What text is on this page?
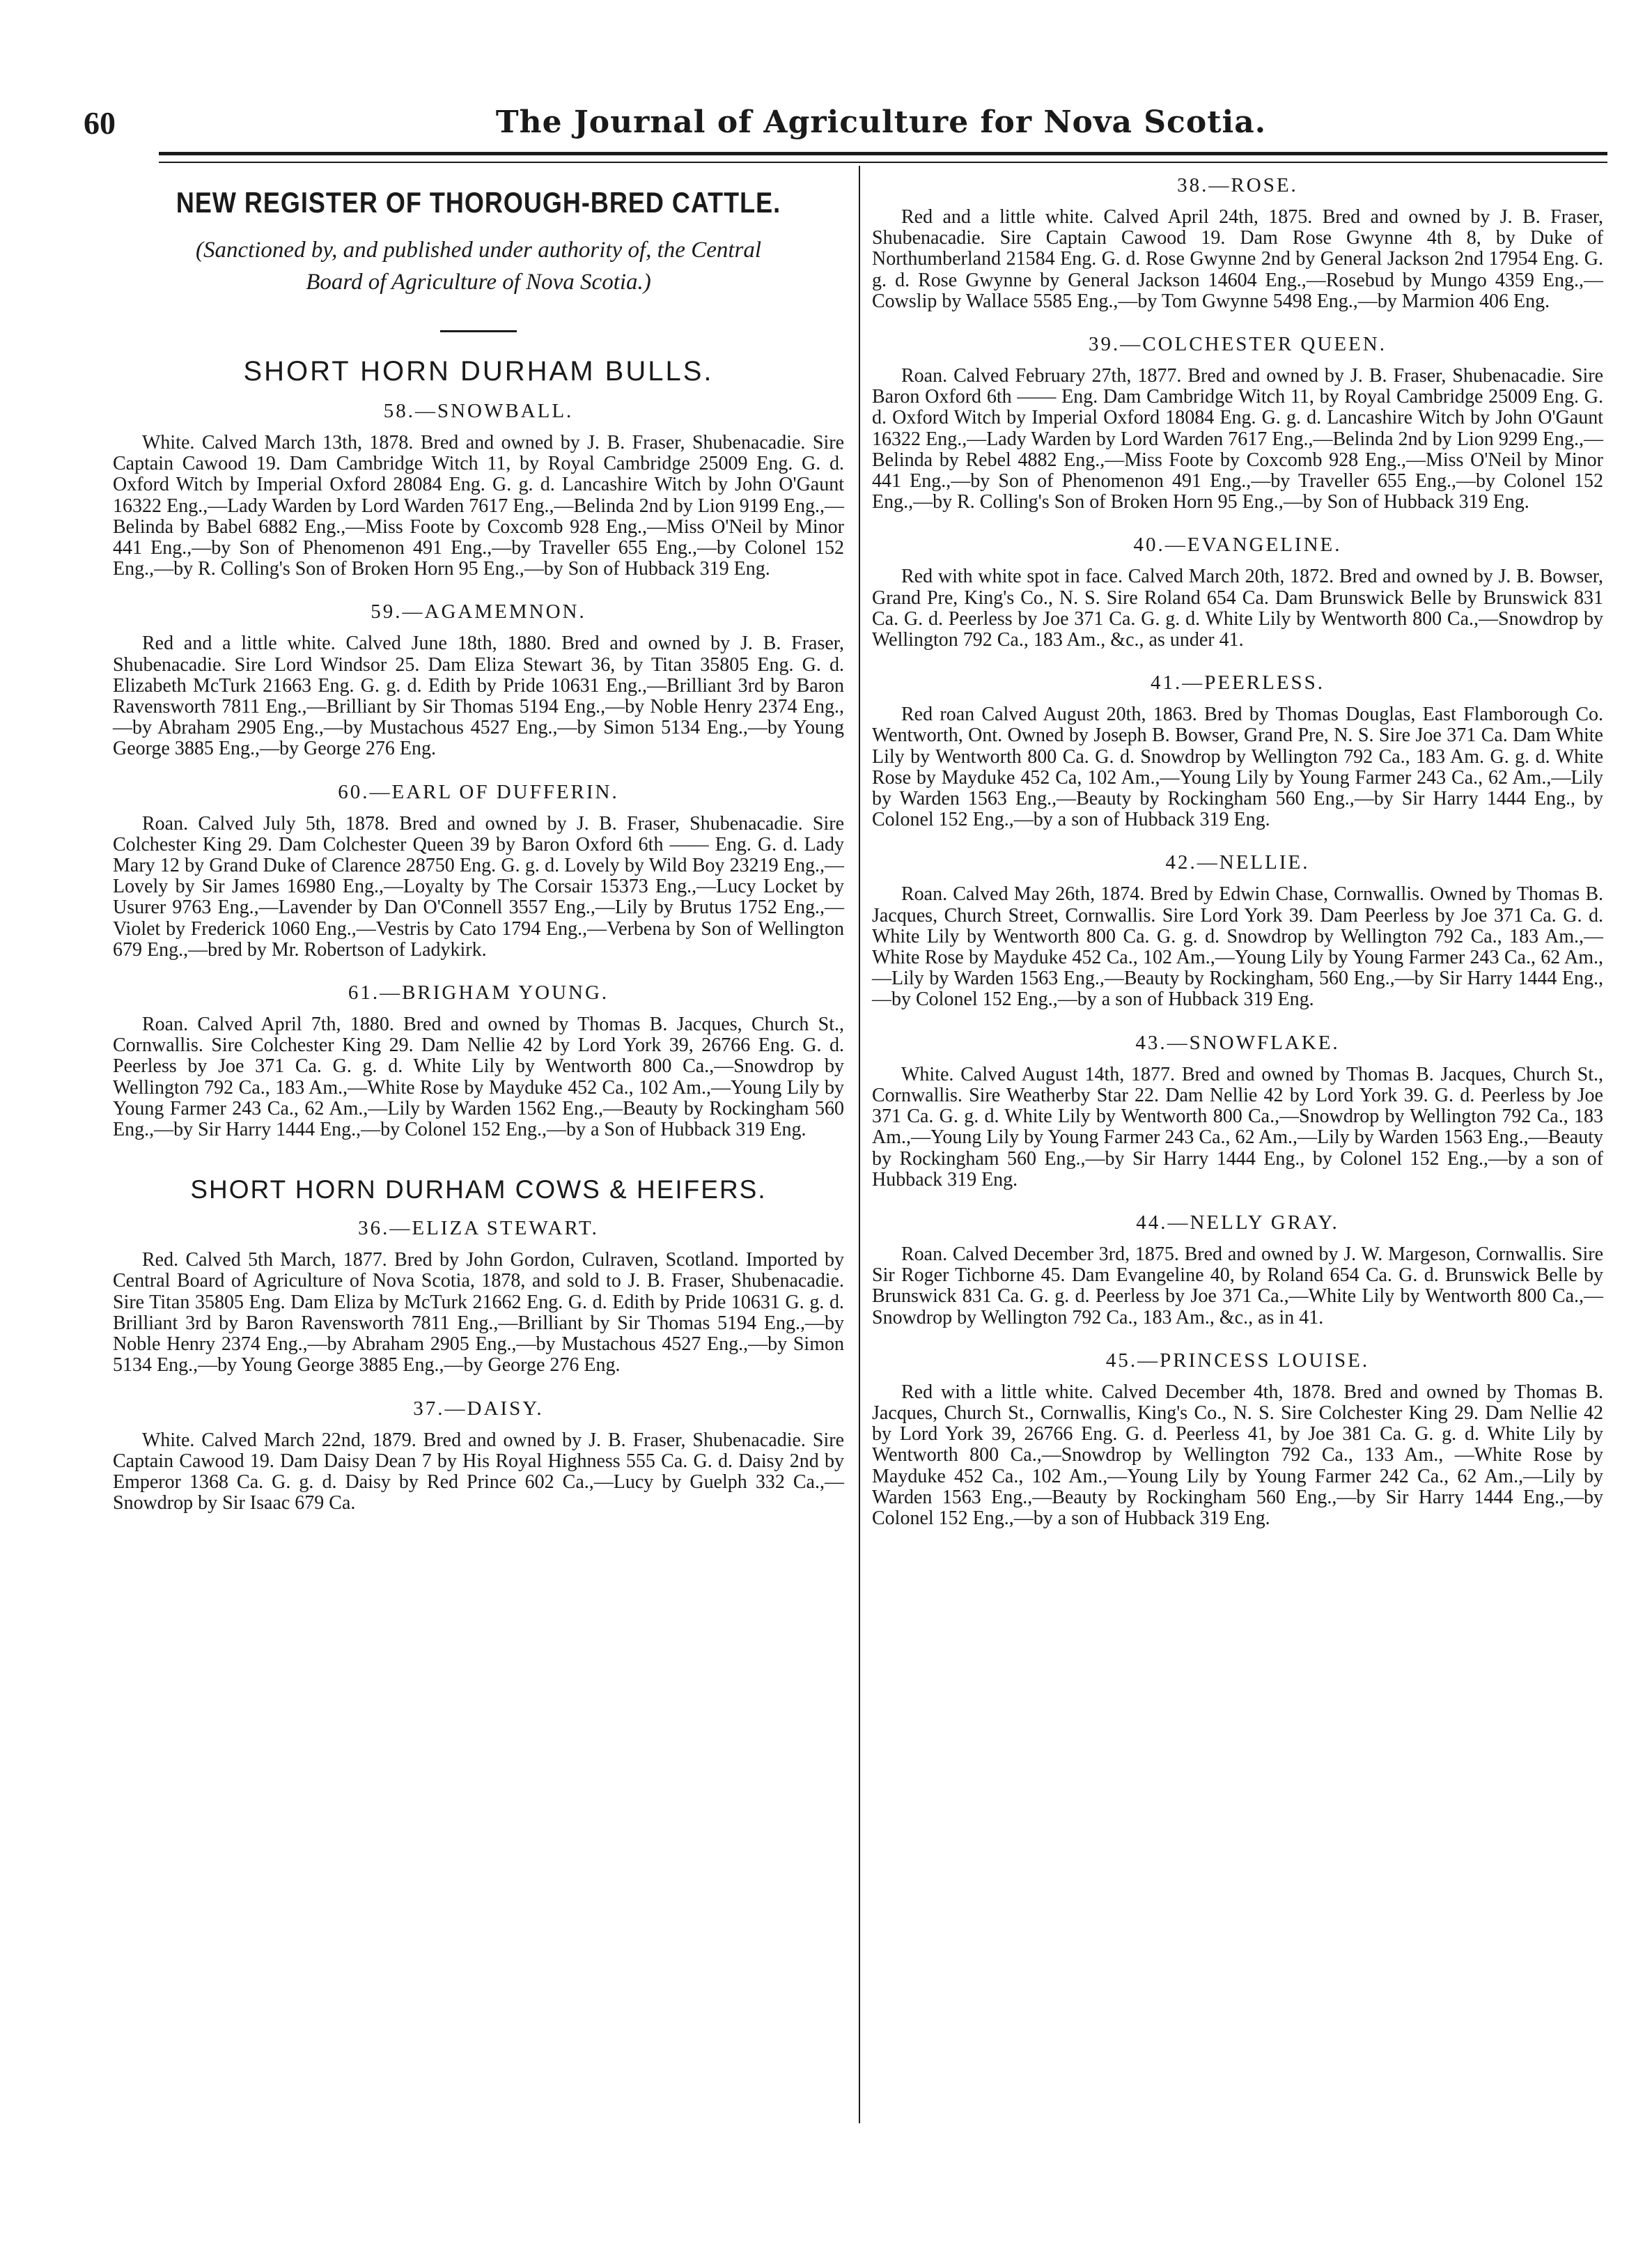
60	The Journal of Agriculture for Nova Scotia.
NEW REGISTER OF THOROUGH-BRED CATTLE.
(Sanctioned by, and published under authority of, the Central
Board of Agriculture of Nova Scotia.)
SHORT HORN DURHAM BULLS.
58.—SNOWBALL.

White. Calved March 13th, 1878. Bred and owned by J. B. Fraser, Shubenacadie. Sire Captain Cawood 19. Dam Cambridge Witch 11, by Royal Cambridge 25009 Eng. G. d. Oxford Witch by Imperial Oxford 28084 Eng. G. g. d. Lancashire Witch by John O'Gaunt 16322 Eng.,—Lady Warden by Lord Warden 7617 Eng.,—Belinda 2nd by Lion 9199 Eng.,—Belinda by Babel 6882 Eng.,—Miss Foote by Coxcomb 928 Eng.,—Miss O'Neil by Minor 441 Eng.,—by Son of Phenomenon 491 Eng.,—by Traveller 655 Eng.,—by Colonel 152 Eng.,—by R. Colling's Son of Broken Horn 95 Eng.,—by Son of Hubback 319 Eng.

59.—AGAMEMNON.

Red and a little white. Calved June 18th, 1880. Bred and owned by J. B. Fraser, Shubenacadie. Sire Lord Windsor 25. Dam Eliza Stewart 36, by Titan 35805 Eng. G. d. Elizabeth McTurk 21663 Eng. G. g. d. Edith by Pride 10631 Eng.,—Brilliant 3rd by Baron Ravensworth 7811 Eng.,—Brilliant by Sir Thomas 5194 Eng.,—by Noble Henry 2374 Eng.,—by Abraham 2905 Eng.,—by Mustachous 4527 Eng.,—by Simon 5134 Eng.,—by Young George 3885 Eng.,—by George 276 Eng.

60.—EARL OF DUFFERIN.

Roan. Calved July 5th, 1878. Bred and owned by J. B. Fraser, Shubenacadie. Sire Colchester King 29. Dam Colchester Queen 39 by Baron Oxford 6th —— Eng. G. d. Lady Mary 12 by Grand Duke of Clarence 28750 Eng. G. g. d. Lovely by Wild Boy 23219 Eng.,—Lovely by Sir James 16980 Eng.,—Loyalty by The Corsair 15373 Eng.,—Lucy Locket by Usurer 9763 Eng.,—Lavender by Dan O'Connell 3557 Eng.,—Lily by Brutus 1752 Eng.,—Violet by Frederick 1060 Eng.,—Vestris by Cato 1794 Eng.,—Verbena by Son of Wellington 679 Eng.,—bred by Mr. Robertson of Ladykirk.

61.—BRIGHAM YOUNG.

Roan. Calved April 7th, 1880. Bred and owned by Thomas B. Jacques, Church St., Cornwallis. Sire Colchester King 29. Dam Nellie 42 by Lord York 39, 26766 Eng. G. d. Peerless by Joe 371 Ca. G. g. d. White Lily by Wentworth 800 Ca.,—Snowdrop by Wellington 792 Ca., 183 Am.,—White Rose by Mayduke 452 Ca., 102 Am.,—Young Lily by Young Farmer 243 Ca., 62 Am.,—Lily by Warden 1562 Eng.,—Beauty by Rockingham 560 Eng.,—by Sir Harry 1444 Eng.,—by Colonel 152 Eng.,—by a Son of Hubback 319 Eng.

SHORT HORN DURHAM COWS & HEIFERS.
36.—ELIZA STEWART.

Red. Calved 5th March, 1877. Bred by John Gordon, Culraven, Scotland. Imported by Central Board of Agriculture of Nova Scotia, 1878, and sold to J. B. Fraser, Shubenacadie. Sire Titan 35805 Eng. Dam Eliza by McTurk 21662 Eng. G. d. Edith by Pride 10631 G. g. d. Brilliant 3rd by Baron Ravensworth 7811 Eng.,—Brilliant by Sir Thomas 5194 Eng.,—by Noble Henry 2374 Eng.,—by Abraham 2905 Eng.,—by Mustachous 4527 Eng.,—by Simon 5134 Eng.,—by Young George 3885 Eng.,—by George 276 Eng.

37.—DAISY.

White. Calved March 22nd, 1879. Bred and owned by J. B. Fraser, Shubenacadie. Sire Captain Cawood 19. Dam Daisy Dean 7 by His Royal Highness 555 Ca. G. d. Daisy 2nd by Emperor 1368 Ca. G. g. d. Daisy by Red Prince 602 Ca.,—Lucy by Guelph 332 Ca.,—Snowdrop by Sir Isaac 679 Ca.

38.—ROSE.

Red and a little white. Calved April 24th, 1875. Bred and owned by J. B. Fraser, Shubenacadie. Sire Captain Cawood 19. Dam Rose Gwynne 4th 8, by Duke of Northumberland 21584 Eng. G. d. Rose Gwynne 2nd by General Jackson 2nd 17954 Eng. G. g. d. Rose Gwynne by General Jackson 14604 Eng.,—Rosebud by Mungo 4359 Eng.,—Cowslip by Wallace 5585 Eng.,—by Tom Gwynne 5498 Eng.,—by Marmion 406 Eng.

39.—COLCHESTER QUEEN.

Roan. Calved February 27th, 1877. Bred and owned by J. B. Fraser, Shubenacadie. Sire Baron Oxford 6th —— Eng. Dam Cambridge Witch 11, by Royal Cambridge 25009 Eng. G. d. Oxford Witch by Imperial Oxford 18084 Eng. G. g. d. Lancashire Witch by John O'Gaunt 16322 Eng.,—Lady Warden by Lord Warden 7617 Eng.,—Belinda 2nd by Lion 9299 Eng.,—Belinda by Rebel 4882 Eng.,—Miss Foote by Coxcomb 928 Eng.,—Miss O'Neil by Minor 441 Eng.,—by Son of Phenomenon 491 Eng.,—by Traveller 655 Eng.,—by Colonel 152 Eng.,—by R. Colling's Son of Broken Horn 95 Eng.,—by Son of Hubback 319 Eng.

40.—EVANGELINE.

Red with white spot in face. Calved March 20th, 1872. Bred and owned by J. B. Bowser, Grand Pre, King's Co., N. S. Sire Roland 654 Ca. Dam Brunswick Belle by Brunswick 831 Ca. G. d. Peerless by Joe 371 Ca. G. g. d. White Lily by Wentworth 800 Ca.,—Snowdrop by Wellington 792 Ca., 183 Am., &c., as under 41.

41.—PEERLESS.

Red roan Calved August 20th, 1863. Bred by Thomas Douglas, East Flamborough Co. Wentworth, Ont. Owned by Joseph B. Bowser, Grand Pre, N. S. Sire Joe 371 Ca. Dam White Lily by Wentworth 800 Ca. G. d. Snowdrop by Wellington 792 Ca., 183 Am. G. g. d. White Rose by Mayduke 452 Ca, 102 Am.,—Young Lily by Young Farmer 243 Ca., 62 Am.,—Lily by Warden 1563 Eng.,—Beauty by Rockingham 560 Eng.,—by Sir Harry 1444 Eng., by Colonel 152 Eng.,—by a son of Hubback 319 Eng.

42.—NELLIE.

Roan. Calved May 26th, 1874. Bred by Edwin Chase, Cornwallis. Owned by Thomas B. Jacques, Church Street, Cornwallis. Sire Lord York 39. Dam Peerless by Joe 371 Ca. G. d. White Lily by Wentworth 800 Ca. G. g. d. Snowdrop by Wellington 792 Ca., 183 Am.,—White Rose by Mayduke 452 Ca., 102 Am.,—Young Lily by Young Farmer 243 Ca., 62 Am.,—Lily by Warden 1563 Eng.,—Beauty by Rockingham, 560 Eng.,—by Sir Harry 1444 Eng., —by Colonel 152 Eng.,—by a son of Hubback 319 Eng.

43.—SNOWFLAKE.

White. Calved August 14th, 1877. Bred and owned by Thomas B. Jacques, Church St., Cornwallis. Sire Weatherby Star 22. Dam Nellie 42 by Lord York 39. G. d. Peerless by Joe 371 Ca. G. g. d. White Lily by Wentworth 800 Ca.,—Snowdrop by Wellington 792 Ca., 183 Am.,—Young Lily by Young Farmer 243 Ca., 62 Am.,—Lily by Warden 1563 Eng.,—Beauty by Rockingham 560 Eng.,—by Sir Harry 1444 Eng., by Colonel 152 Eng.,—by a son of Hubback 319 Eng.

44.—NELLY GRAY.

Roan. Calved December 3rd, 1875. Bred and owned by J. W. Margeson, Cornwallis. Sire Sir Roger Tichborne 45. Dam Evangeline 40, by Roland 654 Ca. G. d. Brunswick Belle by Brunswick 831 Ca. G. g. d. Peerless by Joe 371 Ca.,—White Lily by Wentworth 800 Ca.,—Snowdrop by Wellington 792 Ca., 183 Am., &c., as in 41.

45.—PRINCESS LOUISE.

Red with a little white. Calved December 4th, 1878. Bred and owned by Thomas B. Jacques, Church St., Cornwallis, King's Co., N. S. Sire Colchester King 29. Dam Nellie 42 by Lord York 39, 26766 Eng. G. d. Peerless 41, by Joe 381 Ca. G. g. d. White Lily by Wentworth 800 Ca.,—Snowdrop by Wellington 792 Ca., 133 Am., —White Rose by Mayduke 452 Ca., 102 Am.,—Young Lily by Young Farmer 242 Ca., 62 Am.,—Lily by Warden 1563 Eng.,—Beauty by Rockingham 560 Eng.,—by Sir Harry 1444 Eng.,—by Colonel 152 Eng.,—by a son of Hubback 319 Eng.
